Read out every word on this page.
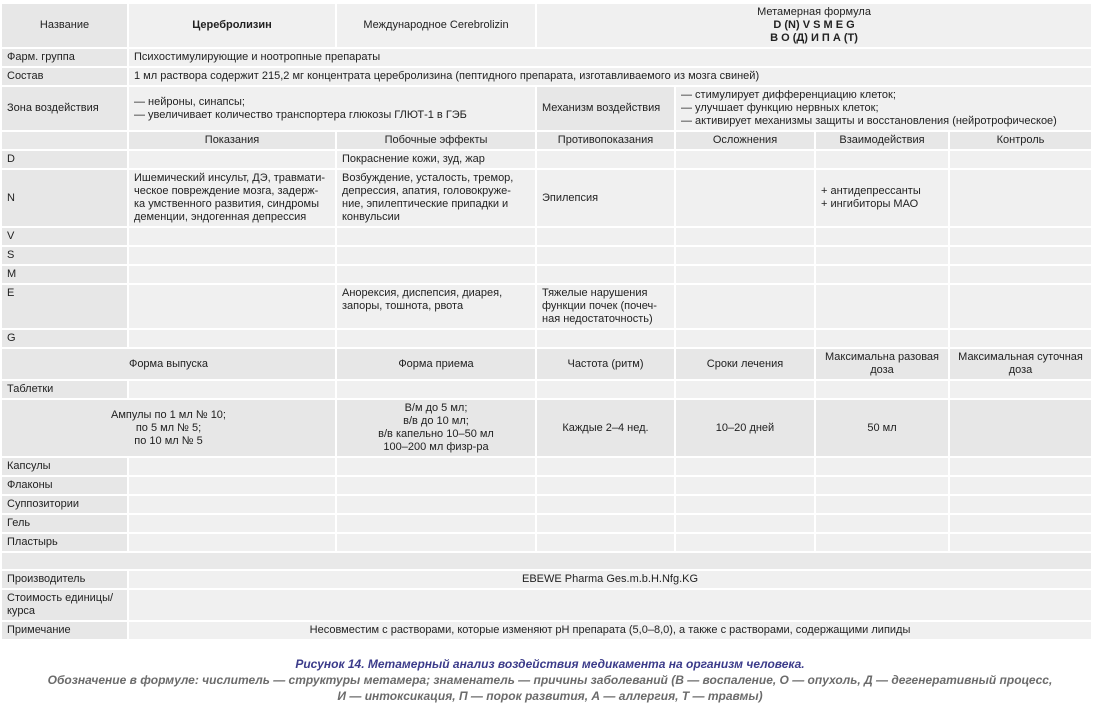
Название	Церебролизин	Международное Cerebrolizin	Метамерная формула
D (N) V S M E G
В О (Д) И П А (Т)			

Фарм. группа	Психостимулирующие и ноотропные препараты					
Состав	1 мл раствора содержит 215,2 мг концентрата церебролизина (пептидного препарата, изготавливаемого из мозга свиней)					
Зона воздействия	— нейроны, синапсы;
— увеличивает количество транспортера глюкозы ГЛЮТ-1 в ГЭБ		Механизм воздействия	— стимулирует дифференциацию клеток;
— улучшает функцию нервных клеток;
— активирует механизмы защиты и восстановления (нейротрофическое)		
	Показания	Побочные эффекты	Противопоказания	Осложнения	Взаимодействия	Контроль
D		Покраснение кожи, зуд, жар				
N	Ишемический инсульт, ДЭ, травмати-
ческое повреждение мозга, задерж-
ка умственного развития, синдромы
деменции, эндогенная депрессия	Возбуждение, усталость, тремор,
депрессия, апатия, головокруже-
ние, эпилептические припадки и
конвульсии	Эпилепсия		+ антидепрессанты
+ ингибиторы МАО	
V						
S						
M						
E		Анорексия, диспепсия, диарея,
запоры, тошнота, рвота	Тяжелые нарушения
функции почек (почеч-
ная недостаточность)			
G						
Форма выпуска		Форма приема	Частота (ритм)	Сроки лечения	Максимальна разовая
доза	Максимальная суточная
доза
Таблетки						
Ампулы по 1 мл № 10;
по 5 мл № 5;
по 10 мл № 5		В/м до 5 мл;
в/в до 10 мл;
в/в капельно 10–50 мл
100–200 мл физр-ра	Каждые 2–4 нед.	10–20 дней	50 мл	
Капсулы						
Флаконы						
Суппозитории						
Гель						
Пластырь						

Производитель	EBEWE Pharma Ges.m.b.H.Nfg.KG					
Стоимость единицы/
курса						
Примечание	Несовместим с растворами, которые изменяют pH препарата (5,0–8,0), а также с растворами, содержащими липиды					
Рисунок 14. Метамерный анализ воздействия медикамента на организм человека.
Обозначение в формуле: числитель — структуры метамера; знаменатель — причины заболеваний (В — воспаление, О — опухоль, Д — дегенеративный процесс,
И — интоксикация, П — порок развития, А — аллергия, Т — травмы)
